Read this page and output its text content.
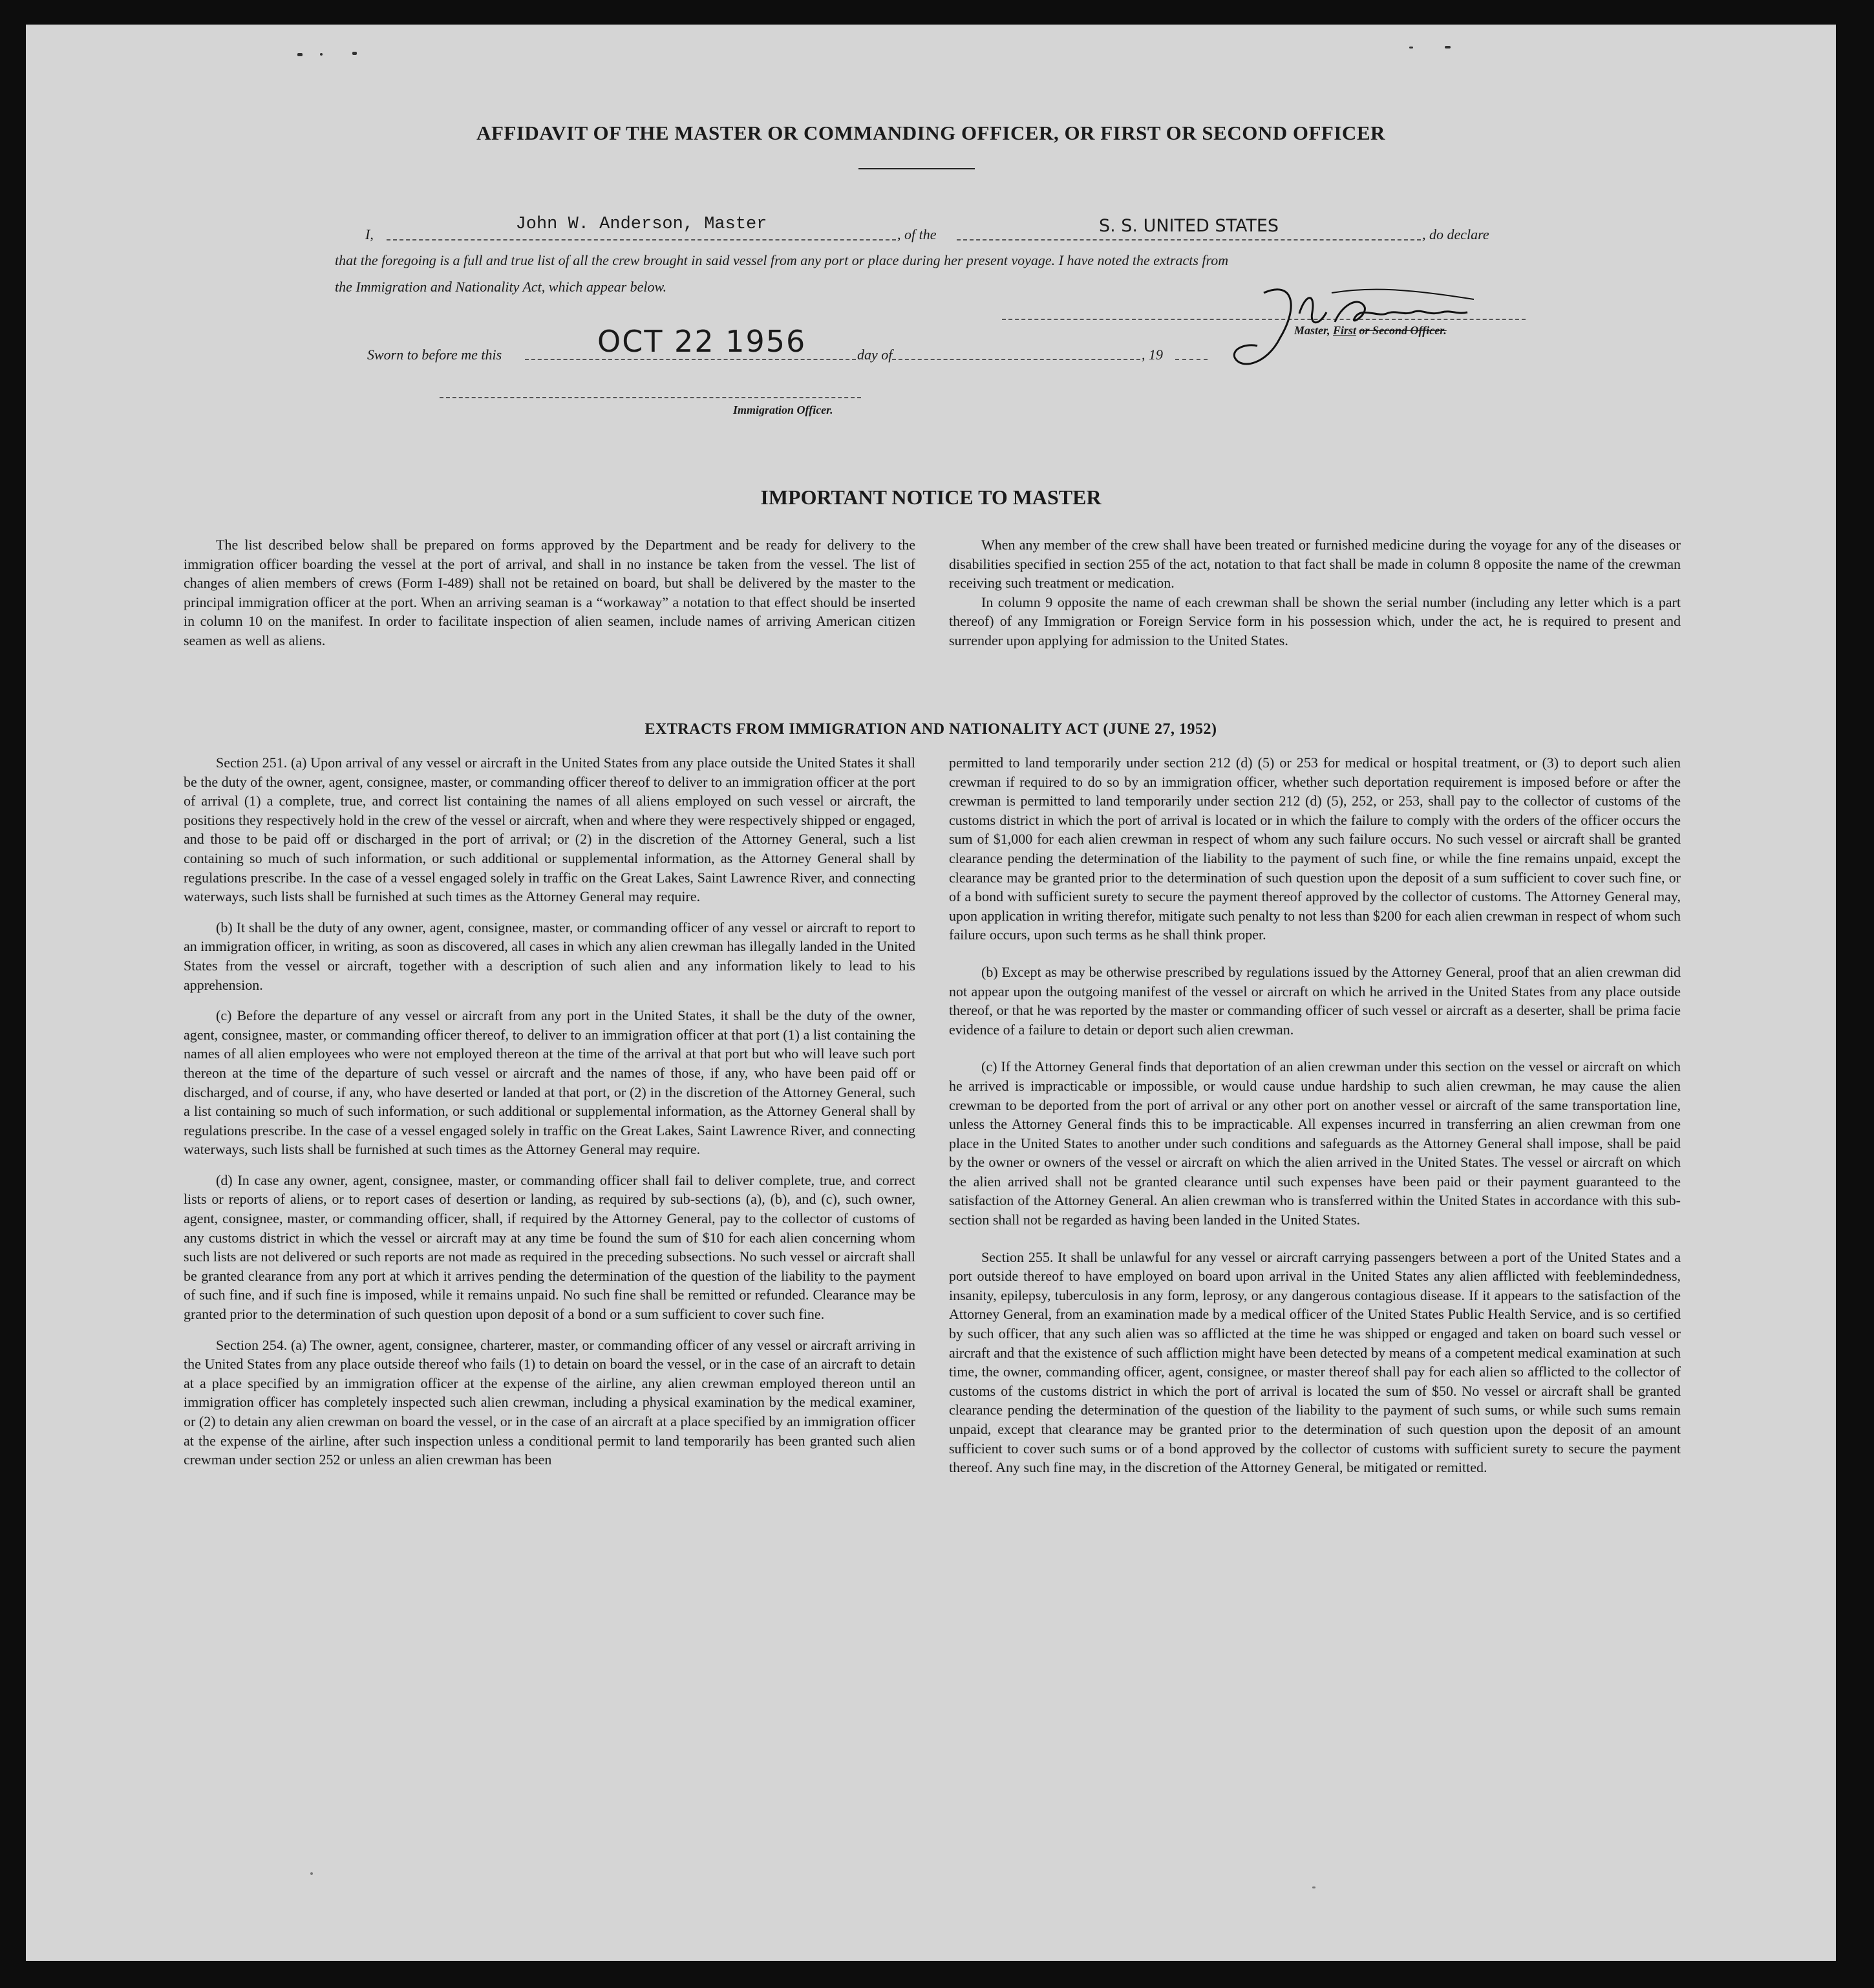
AFFIDAVIT OF THE MASTER OR COMMANDING OFFICER, OR FIRST OR SECOND OFFICER
I,
John W. Anderson, Master
, of the	S. S. UNITED STATES	, do declare
that the foregoing is a full and true list of all the crew brought in said vessel from any port or place during her present voyage. I have noted the extracts from
the Immigration and Nationality Act, which appear below.
Master, First or Second Officer.
Sworn to before me this	OCT 22 1956	day of	, 19
Immigration Officer.
IMPORTANT NOTICE TO MASTER

The list described below shall be prepared on forms approved by the Department and be ready for delivery to the immigration officer boarding the vessel at the port of arrival, and shall in no instance be taken from the vessel. The list of changes of alien members of crews (Form I-489) shall not be retained on board, but shall be delivered by the master to the principal immigration officer at the port. When an arriving seaman is a “workaway” a notation to that effect should be inserted in column 10 on the manifest. In order to facilitate inspection of alien seamen, include names of arriving American citizen seamen as well as aliens.

When any member of the crew shall have been treated or furnished medicine during the voyage for any of the diseases or disabilities specified in section 255 of the act, notation to that fact shall be made in column 8 opposite the name of the crewman receiving such treatment or medication.

In column 9 opposite the name of each crewman shall be shown the serial number (including any letter which is a part thereof) of any Immigration or Foreign Service form in his possession which, under the act, he is required to present and surrender upon applying for admission to the United States.

EXTRACTS FROM IMMIGRATION AND NATIONALITY ACT (JUNE 27, 1952)

Section 251. (a) Upon arrival of any vessel or aircraft in the United States from any place outside the United States it shall be the duty of the owner, agent, consignee, master, or commanding officer thereof to deliver to an immigration officer at the port of arrival (1) a complete, true, and correct list containing the names of all aliens employed on such vessel or aircraft, the positions they respectively hold in the crew of the vessel or aircraft, when and where they were respectively shipped or engaged, and those to be paid off or discharged in the port of arrival; or (2) in the discretion of the Attorney General, such a list containing so much of such information, or such additional or supplemental information, as the Attorney General shall by regulations prescribe. In the case of a vessel engaged solely in traffic on the Great Lakes, Saint Lawrence River, and connecting waterways, such lists shall be furnished at such times as the Attorney General may require.

(b) It shall be the duty of any owner, agent, consignee, master, or commanding officer of any vessel or aircraft to report to an immigration officer, in writing, as soon as discovered, all cases in which any alien crewman has illegally landed in the United States from the vessel or aircraft, together with a description of such alien and any information likely to lead to his apprehension.

(c) Before the departure of any vessel or aircraft from any port in the United States, it shall be the duty of the owner, agent, consignee, master, or commanding officer thereof, to deliver to an immigration officer at that port (1) a list containing the names of all alien employees who were not employed thereon at the time of the arrival at that port but who will leave such port thereon at the time of the departure of such vessel or aircraft and the names of those, if any, who have been paid off or discharged, and of course, if any, who have deserted or landed at that port, or (2) in the discretion of the Attorney General, such a list containing so much of such information, or such additional or supplemental information, as the Attorney General shall by regulations prescribe. In the case of a vessel engaged solely in traffic on the Great Lakes, Saint Lawrence River, and connecting waterways, such lists shall be furnished at such times as the Attorney General may require.

(d) In case any owner, agent, consignee, master, or commanding officer shall fail to deliver complete, true, and correct lists or reports of aliens, or to report cases of desertion or landing, as required by sub-sections (a), (b), and (c), such owner, agent, consignee, master, or commanding officer, shall, if required by the Attorney General, pay to the collector of customs of any customs district in which the vessel or aircraft may at any time be found the sum of $10 for each alien concerning whom such lists are not delivered or such reports are not made as required in the preceding subsections. No such vessel or aircraft shall be granted clearance from any port at which it arrives pending the determination of the question of the liability to the payment of such fine, and if such fine is imposed, while it remains unpaid. No such fine shall be remitted or refunded. Clearance may be granted prior to the determination of such question upon deposit of a bond or a sum sufficient to cover such fine.

Section 254. (a) The owner, agent, consignee, charterer, master, or commanding officer of any vessel or aircraft arriving in the United States from any place outside thereof who fails (1) to detain on board the vessel, or in the case of an aircraft to detain at a place specified by an immigration officer at the expense of the airline, any alien crewman employed thereon until an immigration officer has completely inspected such alien crewman, including a physical examination by the medical examiner, or (2) to detain any alien crewman on board the vessel, or in the case of an aircraft at a place specified by an immigration officer at the expense of the airline, after such inspection unless a conditional permit to land temporarily has been granted such alien crewman under section 252 or unless an alien crewman has been

permitted to land temporarily under section 212 (d) (5) or 253 for medical or hospital treatment, or (3) to deport such alien crewman if required to do so by an immigration officer, whether such deportation requirement is imposed before or after the crewman is permitted to land temporarily under section 212 (d) (5), 252, or 253, shall pay to the collector of customs of the customs district in which the port of arrival is located or in which the failure to comply with the orders of the officer occurs the sum of $1,000 for each alien crewman in respect of whom any such failure occurs. No such vessel or aircraft shall be granted clearance pending the determination of the liability to the payment of such fine, or while the fine remains unpaid, except the clearance may be granted prior to the determination of such question upon the deposit of a sum sufficient to cover such fine, or of a bond with sufficient surety to secure the payment thereof approved by the collector of customs. The Attorney General may, upon application in writing therefor, mitigate such penalty to not less than $200 for each alien crewman in respect of whom such failure occurs, upon such terms as he shall think proper.

(b) Except as may be otherwise prescribed by regulations issued by the Attorney General, proof that an alien crewman did not appear upon the outgoing manifest of the vessel or aircraft on which he arrived in the United States from any place outside thereof, or that he was reported by the master or commanding officer of such vessel or aircraft as a deserter, shall be prima facie evidence of a failure to detain or deport such alien crewman.

(c) If the Attorney General finds that deportation of an alien crewman under this section on the vessel or aircraft on which he arrived is impracticable or impossible, or would cause undue hardship to such alien crewman, he may cause the alien crewman to be deported from the port of arrival or any other port on another vessel or aircraft of the same transportation line, unless the Attorney General finds this to be impracticable. All expenses incurred in transferring an alien crewman from one place in the United States to another under such conditions and safeguards as the Attorney General shall impose, shall be paid by the owner or owners of the vessel or aircraft on which the alien arrived in the United States. The vessel or aircraft on which the alien arrived shall not be granted clearance until such expenses have been paid or their payment guaranteed to the satisfaction of the Attorney General. An alien crewman who is transferred within the United States in accordance with this sub-section shall not be regarded as having been landed in the United States.

Section 255. It shall be unlawful for any vessel or aircraft carrying passengers between a port of the United States and a port outside thereof to have employed on board upon arrival in the United States any alien afflicted with feeblemindedness, insanity, epilepsy, tuberculosis in any form, leprosy, or any dangerous contagious disease. If it appears to the satisfaction of the Attorney General, from an examination made by a medical officer of the United States Public Health Service, and is so certified by such officer, that any such alien was so afflicted at the time he was shipped or engaged and taken on board such vessel or aircraft and that the existence of such affliction might have been detected by means of a competent medical examination at such time, the owner, commanding officer, agent, consignee, or master thereof shall pay for each alien so afflicted to the collector of customs of the customs district in which the port of arrival is located the sum of $50. No vessel or aircraft shall be granted clearance pending the determination of the question of the liability to the payment of such sums, or while such sums remain unpaid, except that clearance may be granted prior to the determination of such question upon the deposit of an amount sufficient to cover such sums or of a bond approved by the collector of customs with sufficient surety to secure the payment thereof. Any such fine may, in the discretion of the Attorney General, be mitigated or remitted.
